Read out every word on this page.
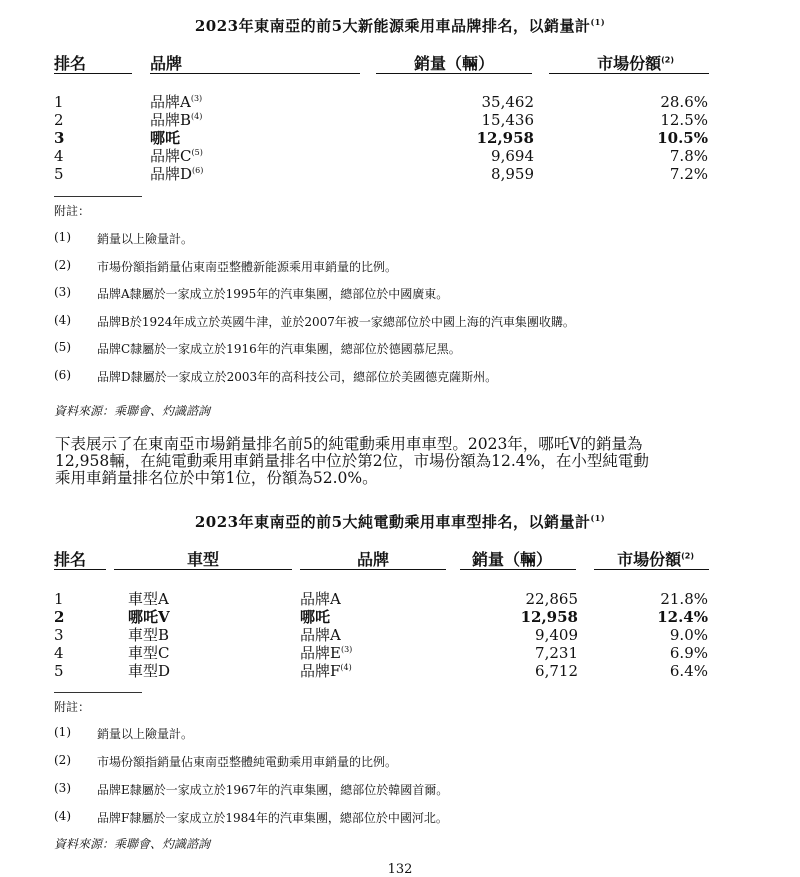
2023年東南亞的前5大新能源乘用車品牌排名，以銷量計$^{(1)}$
排名	品牌	銷量（輛）	市場份額$^{(2)}$
1	品牌$A^{(3)}$	35,462	28.6%
2	品牌$B^{(4)}$	15,436	12.5%
3	哪吒	12,958	10.5%
4	品牌$C^{(5)}$	9,694	7.8%
5	品牌$D^{(6)}$	8,959	7.2%
附註：
(1) 銷量以上險量計。
(2) 市場份額指銷量佔東南亞整體新能源乘用車銷量的比例。
(3) 品牌A隸屬於一家成立於1995年的汽車集團，總部位於中國廣東。
(4) 品牌B於1924年成立於英國牛津，並於2007年被一家總部位於中國上海的汽車集團收購。
(5) 品牌C隸屬於一家成立於1916年的汽車集團，總部位於德國慕尼黑。
(6) 品牌D隸屬於一家成立於2003年的高科技公司，總部位於美國德克薩斯州。
資料來源：乘聯會、灼識諮詢
下表展示了在東南亞市場銷量排名前5的純電動乘用車車型。2023年，哪吒V的銷量為
12,958輛，在純電動乘用車銷量排名中位於第2位，市場份額為12.4%，在小型純電動
乘用車銷量排名位於中第1位，份額為52.0%。
2023年東南亞的前5大純電動乘用車車型排名，以銷量計$^{(1)}$
排名	車型	品牌	銷量（輛）	市場份額$^{(2)}$
1	車型A	品牌A	22,865	21.8%
2	哪吒V	哪吒	12,958	12.4%
3	車型B	品牌A	9,409	9.0%
4	車型C	品牌$E^{(3)}$	7,231	6.9%
5	車型D	品牌$F^{(4)}$	6,712	6.4%
附註：
(1) 銷量以上險量計。
(2) 市場份額指銷量佔東南亞整體純電動乘用車銷量的比例。
(3) 品牌E隸屬於一家成立於1967年的汽車集團，總部位於韓國首爾。
(4) 品牌F隸屬於一家成立於1984年的汽車集團，總部位於中國河北。
資料來源：乘聯會、灼識諮詢
132
